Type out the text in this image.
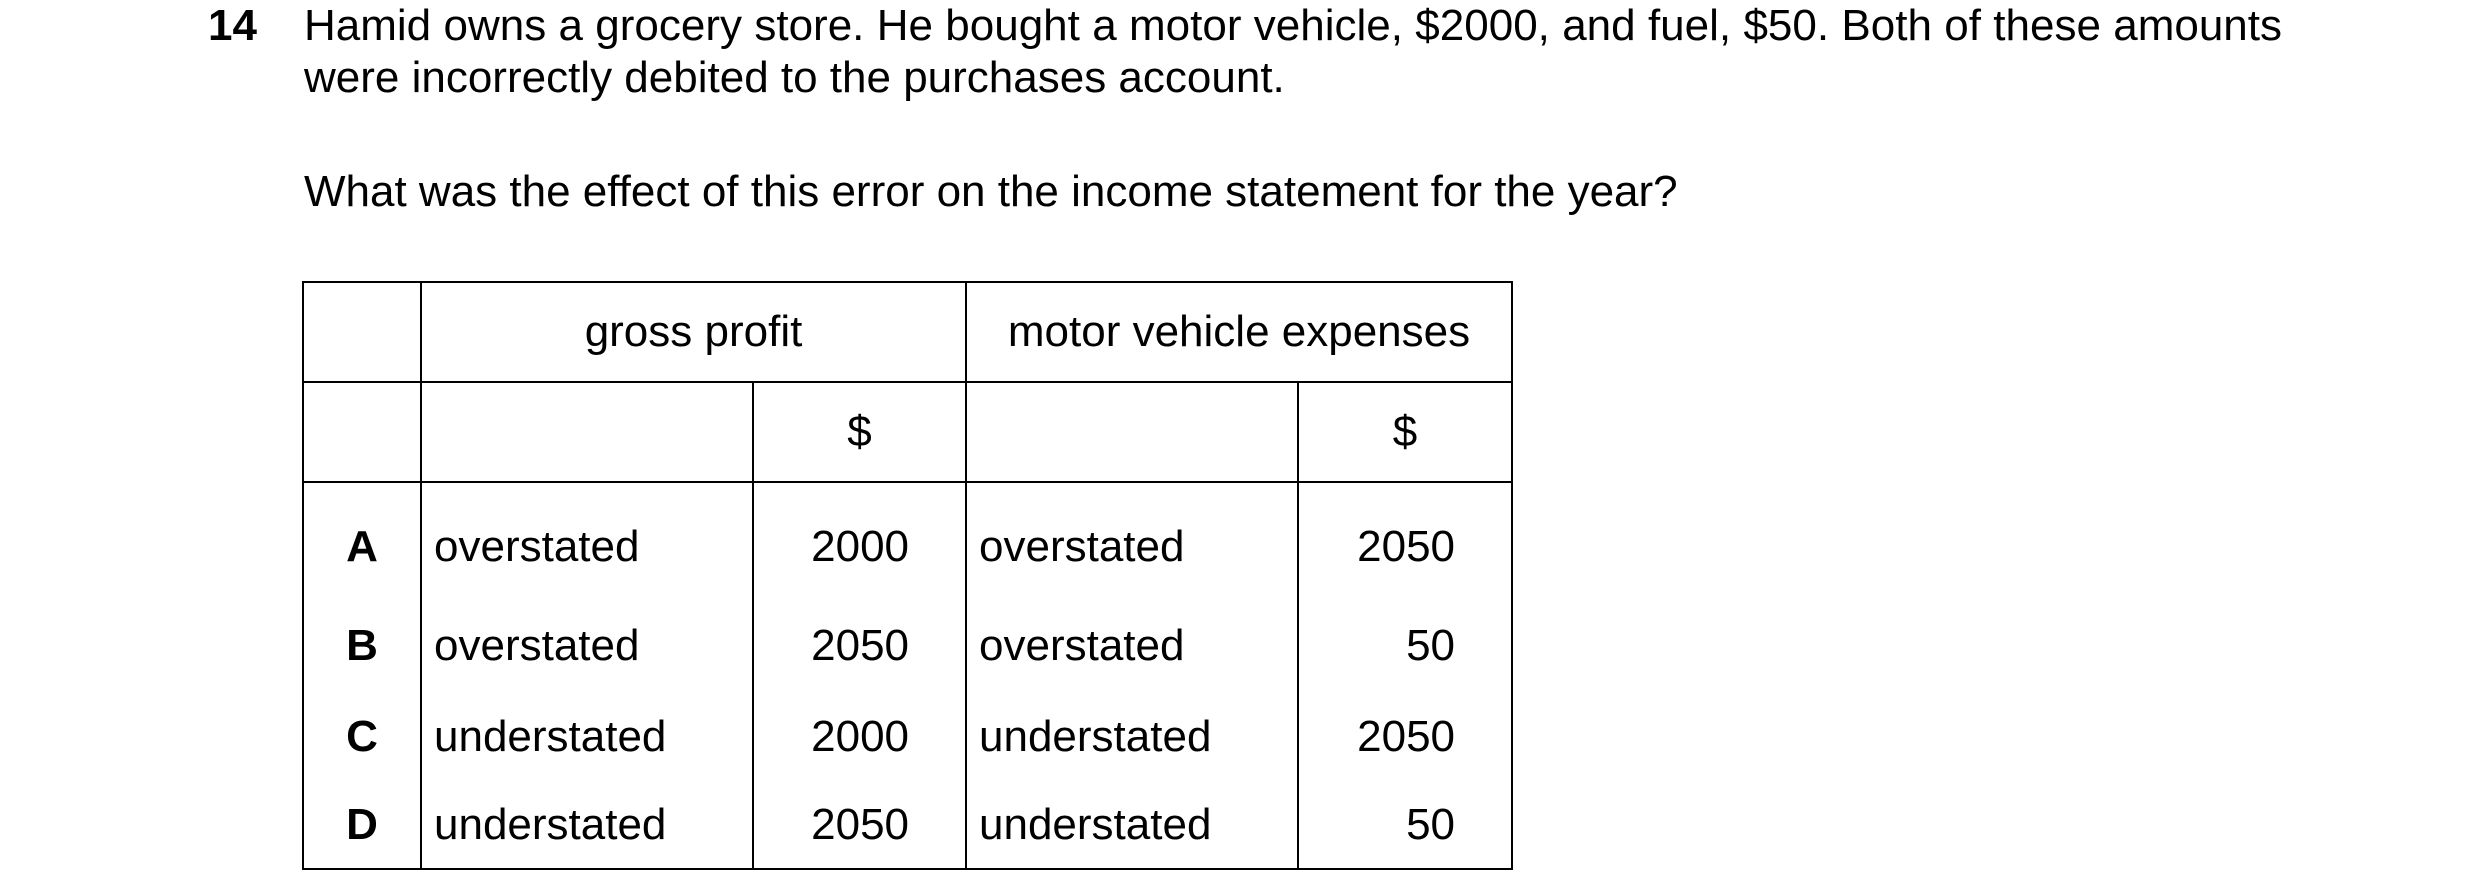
14 Hamid owns a grocery store. He bought a motor vehicle, $2000, and fuel, $50. Both of these amounts were incorrectly debited to the purchases account.
What was the effect of this error on the income statement for the year?
	gross profit		motor vehicle expenses	
		$		$
A	overstated	2000	overstated	2050
B	overstated	2050	overstated	50
C	understated	2000	understated	2050
D	understated	2050	understated	50
